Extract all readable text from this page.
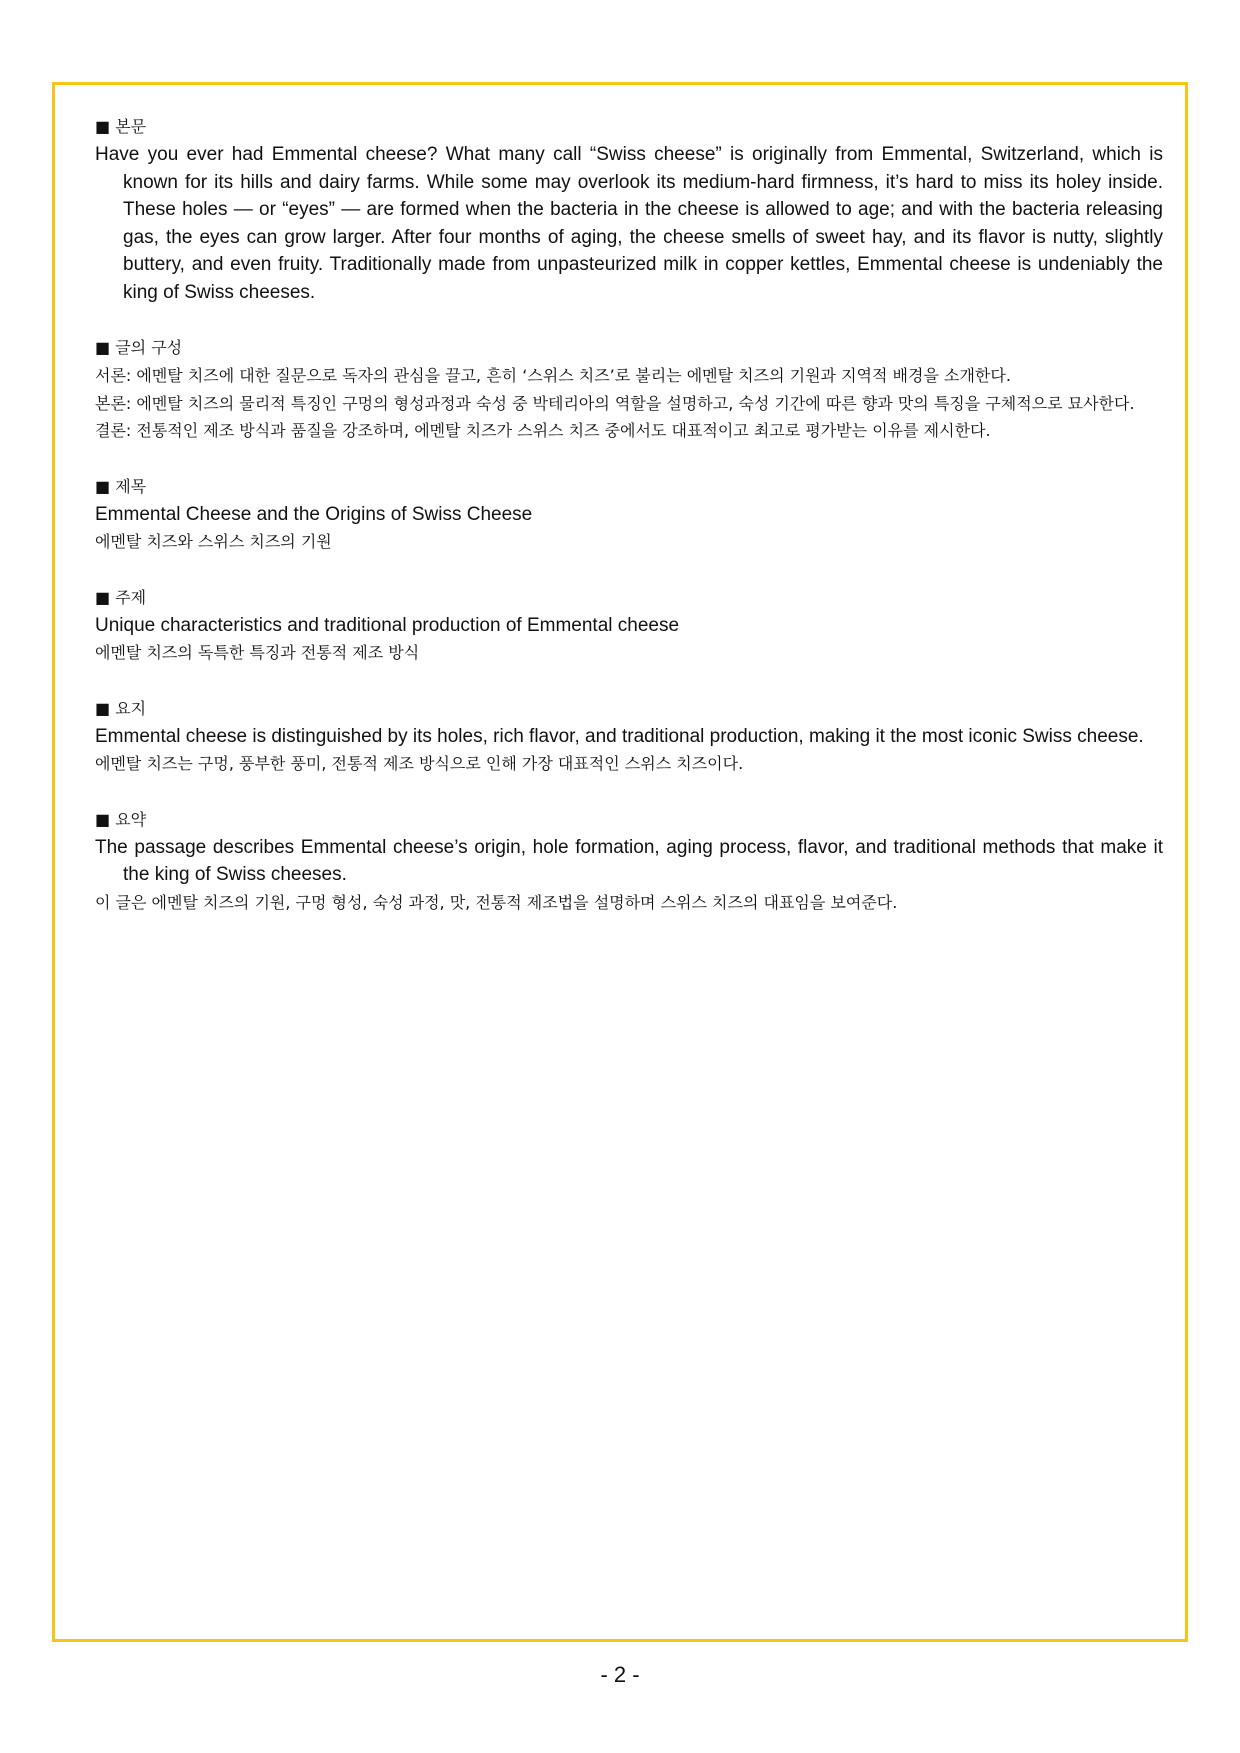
■ 본문

Have you ever had Emmental cheese? What many call “Swiss cheese” is originally from Emmental, Switzerland, which is known for its hills and dairy farms. While some may overlook its medium-hard firmness, it’s hard to miss its holey inside. These holes — or “eyes” — are formed when the bacteria in the cheese is allowed to age; and with the bacteria releasing gas, the eyes can grow larger. After four months of aging, the cheese smells of sweet hay, and its flavor is nutty, slightly buttery, and even fruity. Traditionally made from unpasteurized milk in copper kettles, Emmental cheese is undeniably the king of Swiss cheeses.

■ 글의 구성

서론: 에멘탈 치즈에 대한 질문으로 독자의 관심을 끌고, 흔히 ‘스위스 치즈’로 불리는 에멘탈 치즈의 기원과 지역적 배경을 소개한다.

본론: 에멘탈 치즈의 물리적 특징인 구멍의 형성과정과 숙성 중 박테리아의 역할을 설명하고, 숙성 기간에 따른 향과 맛의 특징을 구체적으로 묘사한다.

결론: 전통적인 제조 방식과 품질을 강조하며, 에멘탈 치즈가 스위스 치즈 중에서도 대표적이고 최고로 평가받는 이유를 제시한다.

■ 제목

Emmental Cheese and the Origins of Swiss Cheese

에멘탈 치즈와 스위스 치즈의 기원

■ 주제

Unique characteristics and traditional production of Emmental cheese

에멘탈 치즈의 독특한 특징과 전통적 제조 방식

■ 요지

Emmental cheese is distinguished by its holes, rich flavor, and traditional production, making it the most iconic Swiss cheese.

에멘탈 치즈는 구멍, 풍부한 풍미, 전통적 제조 방식으로 인해 가장 대표적인 스위스 치즈이다.

■ 요약

The passage describes Emmental cheese’s origin, hole formation, aging process, flavor, and traditional methods that make it the king of Swiss cheeses.

이 글은 에멘탈 치즈의 기원, 구멍 형성, 숙성 과정, 맛, 전통적 제조법을 설명하며 스위스 치즈의 대표임을 보여준다.

- 2 -
